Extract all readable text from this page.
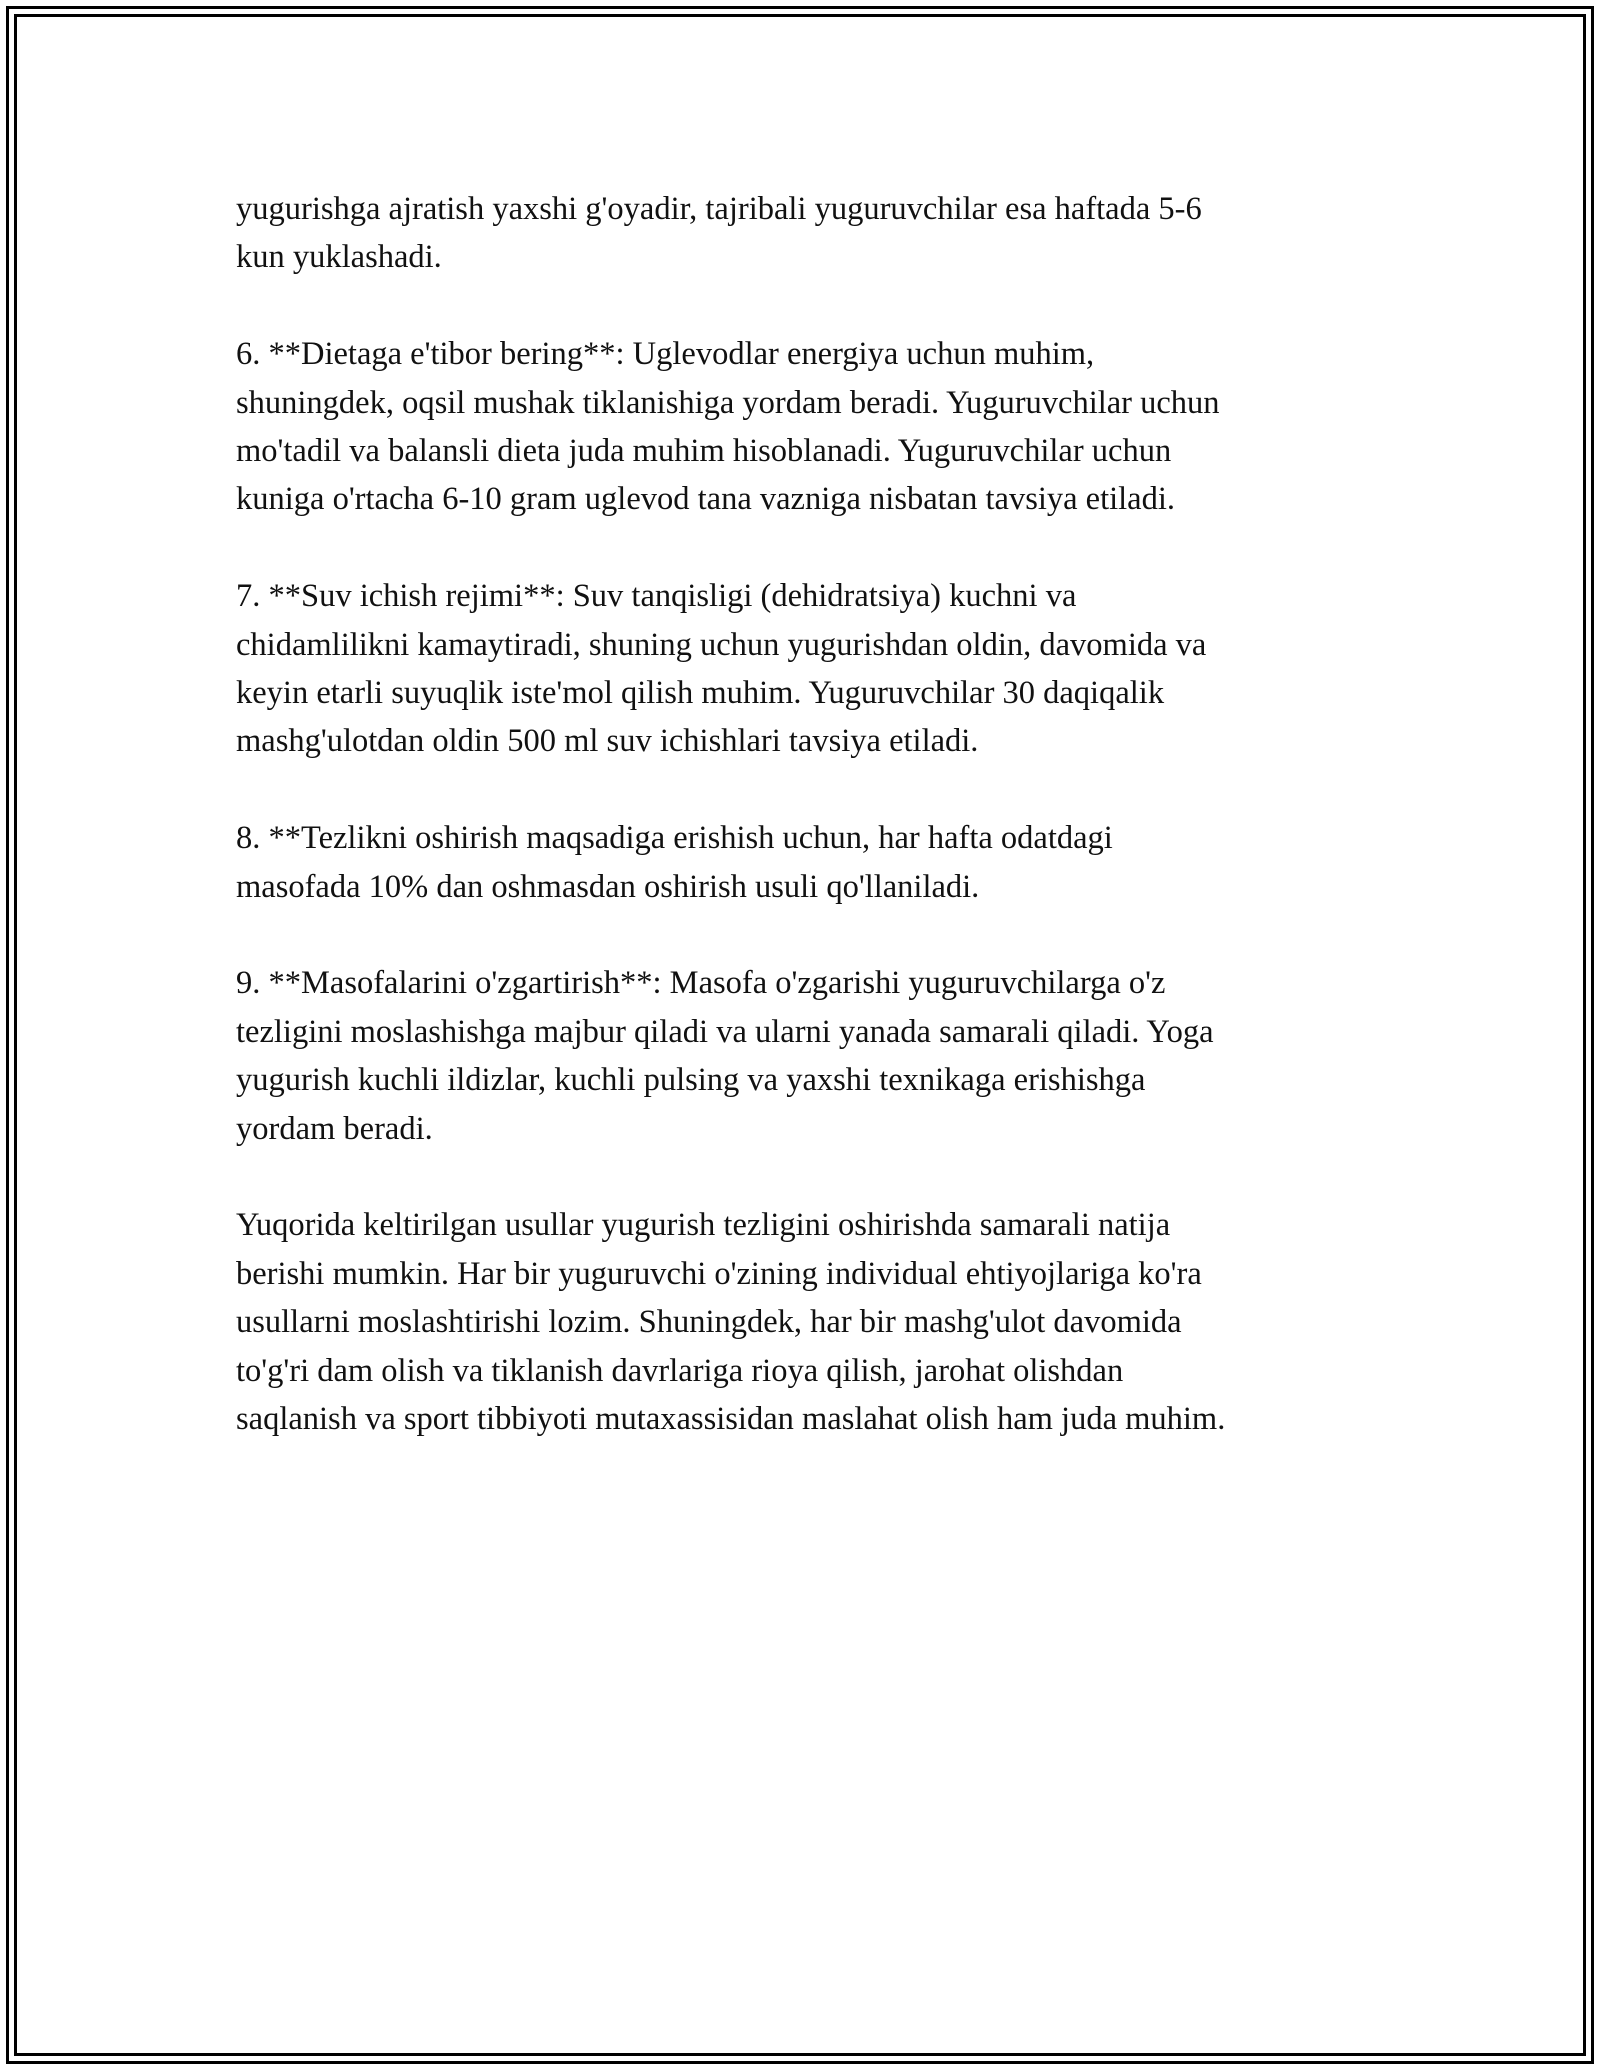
yugurishga ajratish yaxshi g'oyadir, tajribali yuguruvchilar esa haftada 5-6
kun yuklashadi.

6. **Dietaga e'tibor bering**: Uglevodlar energiya uchun muhim,
shuningdek, oqsil mushak tiklanishiga yordam beradi. Yuguruvchilar uchun
mo'tadil va balansli dieta juda muhim hisoblanadi. Yuguruvchilar uchun
kuniga o'rtacha 6-10 gram uglevod tana vazniga nisbatan tavsiya etiladi.

7. **Suv ichish rejimi**: Suv tanqisligi (dehidratsiya) kuchni va
chidamlilikni kamaytiradi, shuning uchun yugurishdan oldin, davomida va
keyin etarli suyuqlik iste'mol qilish muhim. Yuguruvchilar 30 daqiqalik
mashg'ulotdan oldin 500 ml suv ichishlari tavsiya etiladi.

8. **Tezlikni oshirish maqsadiga erishish uchun, har hafta odatdagi
masofada 10% dan oshmasdan oshirish usuli qo'llaniladi.

9. **Masofalarini o'zgartirish**: Masofa o'zgarishi yuguruvchilarga o'z
tezligini moslashishga majbur qiladi va ularni yanada samarali qiladi. Yoga
yugurish kuchli ildizlar, kuchli pulsing va yaxshi texnikaga erishishga
yordam beradi.

Yuqorida keltirilgan usullar yugurish tezligini oshirishda samarali natija
berishi mumkin. Har bir yuguruvchi o'zining individual ehtiyojlariga ko'ra
usullarni moslashtirishi lozim. Shuningdek, har bir mashg'ulot davomida
to'g'ri dam olish va tiklanish davrlariga rioya qilish, jarohat olishdan
saqlanish va sport tibbiyoti mutaxassisidan maslahat olish ham juda muhim.
